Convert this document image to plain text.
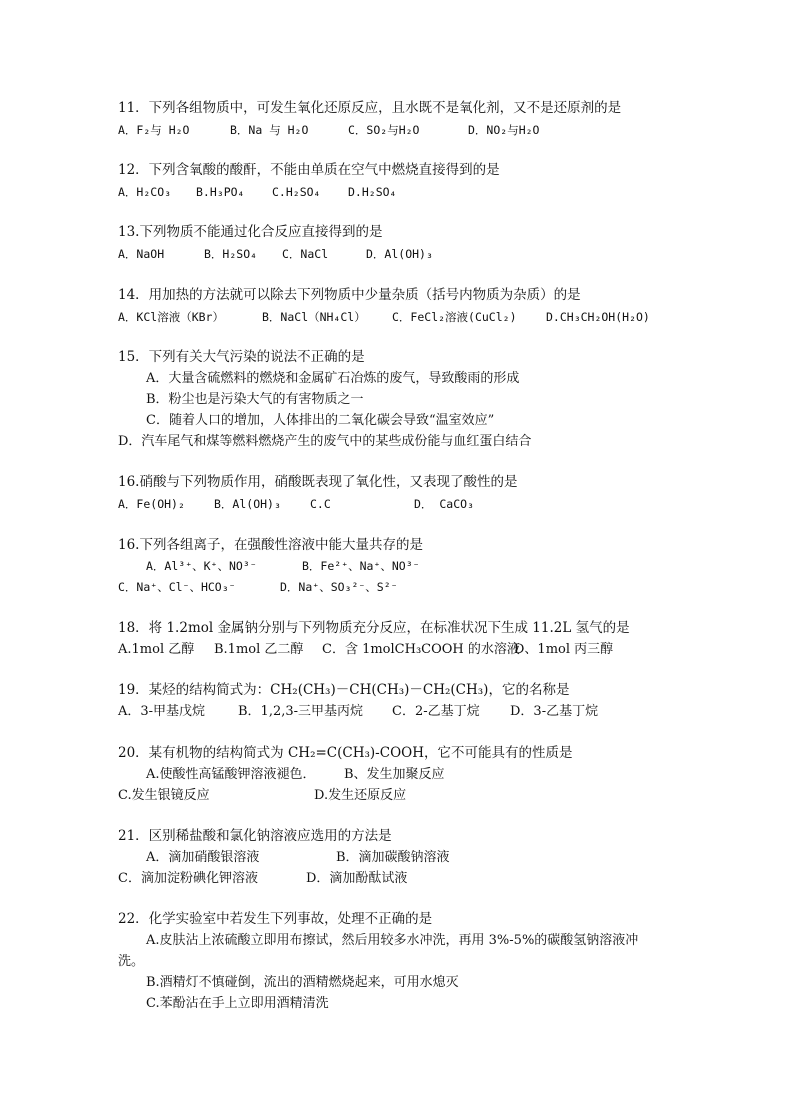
11．下列各组物质中，可发生氧化还原反应，且水既不是氧化剂，又不是还原剂的是
A．F₂与 H₂O	B．Na 与 H₂O	C．SO₂与H₂O	D．NO₂与H₂O
12．下列含氧酸的酸酐，不能由单质在空气中燃烧直接得到的是
A．H₂CO₃ B.H₃PO₄ C.H₂SO₄ D.H₂SO₄
13.下列物质不能通过化合反应直接得到的是
A．NaOH	B．H₂SO₄ C．NaCl	D．Al(OH)₃
14．用加热的方法就可以除去下列物质中少量杂质（括号内物质为杂质）的是
A．KCl溶液（KBr）	B．NaCl（NH₄Cl） C．FeCl₂溶液(CuCl₂)	D.CH₃CH₂OH(H₂O)
15．下列有关大气污染的说法不正确的是
A．大量含硫燃料的燃烧和金属矿石冶炼的废气，导致酸雨的形成
B．粉尘也是污染大气的有害物质之一
C．随着人口的增加，人体排出的二氧化碳会导致“温室效应”
D．汽车尾气和煤等燃料燃烧产生的废气中的某些成份能与血红蛋白结合
16.硝酸与下列物质作用，硝酸既表现了氧化性，又表现了酸性的是
A．Fe(OH)₂	B．Al(OH)₃	C.C	D． CaCO₃
16.下列各组离子，在强酸性溶液中能大量共存的是
A．Al³⁺、K⁺、NO³⁻	B．Fe²⁺、Na⁺、NO³⁻
C．Na⁺、Cl⁻、HCO₃⁻	D．Na⁺、SO₃²⁻、S²⁻
18．将 1.2mol 金属钠分别与下列物质充分反应，在标准状况下生成 11.2L 氢气的是
A.1mol 乙醇 B.1mol 乙二醇 C．含 1molCH₃COOH 的水溶液
D、1mol 丙三醇
19．某烃的结构简式为：CH₂(CH₃)－CH(CH₃)－CH₂(CH₃)，它的名称是
A．3-甲基戊烷	B．1,2,3-三甲基丙烷 C．2-乙基丁烷 D．3-乙基丁烷
20．某有机物的结构简式为 CH₂=C(CH₃)-COOH，它不可能具有的性质是
A.使酸性高锰酸钾溶液褪色． B、发生加聚反应
C.发生银镜反应	D.发生还原反应
21．区别稀盐酸和氯化钠溶液应选用的方法是
A．滴加硝酸银溶液	B．滴加碳酸钠溶液
C．滴加淀粉碘化钾溶液	D．滴加酚酞试液
22．化学实验室中若发生下列事故，处理不正确的是
A.皮肤沾上浓硫酸立即用布擦试，然后用较多水冲洗，再用 3%-5%的碳酸氢钠溶液冲
洗。
B.酒精灯不慎碰倒，流出的酒精燃烧起来，可用水熄灭
C.苯酚沾在手上立即用酒精清洗
